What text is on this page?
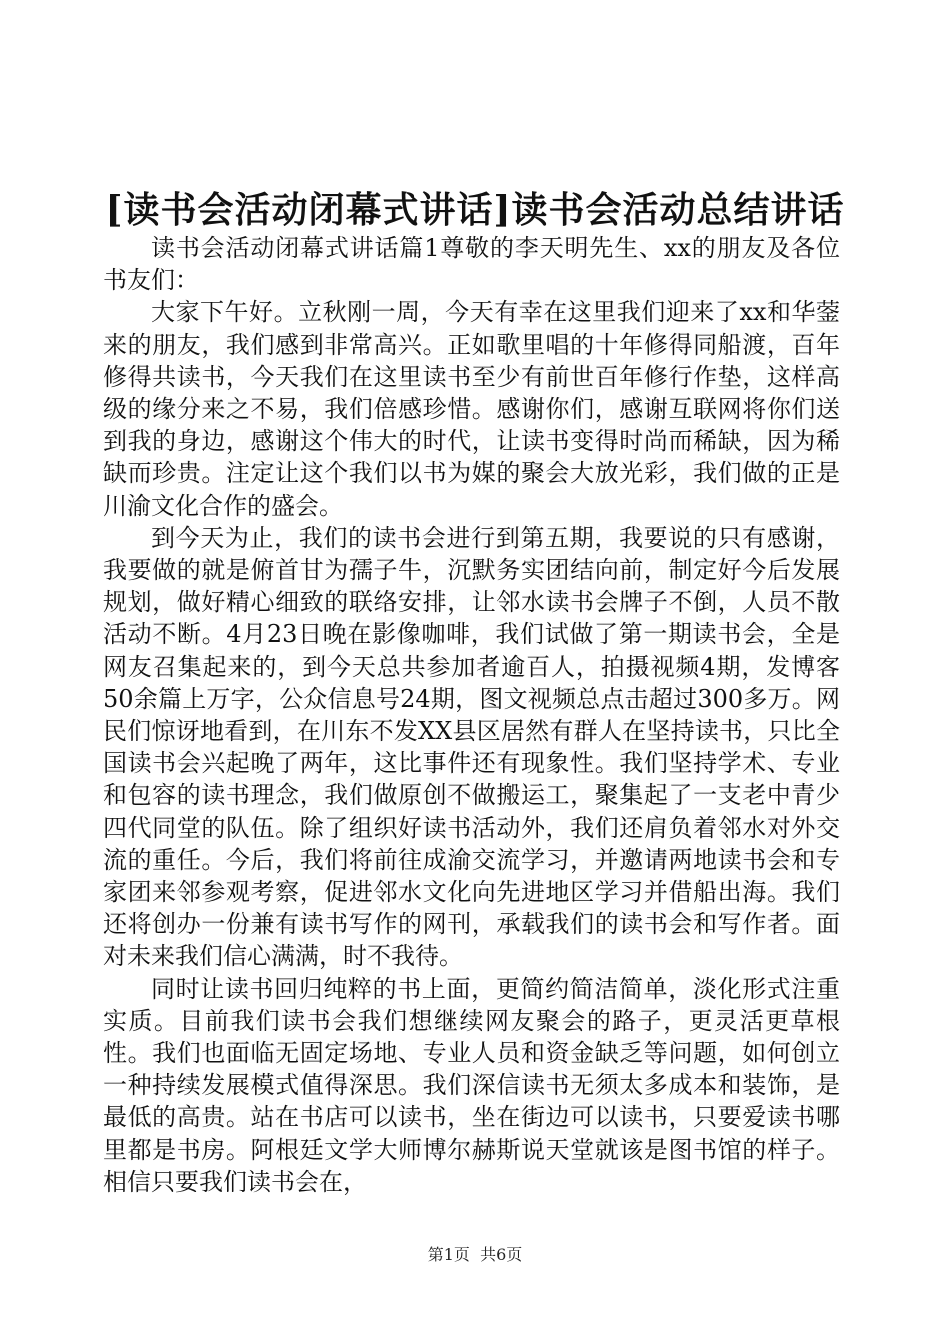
[读书会活动闭幕式讲话]读书会活动总结讲话

读书会活动闭幕式讲话篇1尊敬的李天明先生、xx的朋友及各位书友们：

大家下午好。立秋刚一周，今天有幸在这里我们迎来了xx和华蓥来的朋友，我们感到非常高兴。正如歌里唱的十年修得同船渡，百年修得共读书，今天我们在这里读书至少有前世百年修行作垫，这样高级的缘分来之不易，我们倍感珍惜。感谢你们，感谢互联网将你们送到我的身边，感谢这个伟大的时代，让读书变得时尚而稀缺，因为稀缺而珍贵。注定让这个我们以书为媒的聚会大放光彩，我们做的正是川渝文化合作的盛会。

到今天为止，我们的读书会进行到第五期，我要说的只有感谢，我要做的就是俯首甘为孺子牛，沉默务实团结向前，制定好今后发展规划，做好精心细致的联络安排，让邻水读书会牌子不倒，人员不散活动不断。4月23日晚在影像咖啡，我们试做了第一期读书会，全是网友召集起来的，到今天总共参加者逾百人，拍摄视频4期，发博客50余篇上万字，公众信息号24期，图文视频总点击超过300多万。网民们惊讶地看到，在川东不发XX县区居然有群人在坚持读书，只比全国读书会兴起晚了两年，这比事件还有现象性。我们坚持学术、专业和包容的读书理念，我们做原创不做搬运工，聚集起了一支老中青少四代同堂的队伍。除了组织好读书活动外，我们还肩负着邻水对外交流的重任。今后，我们将前往成渝交流学习，并邀请两地读书会和专家团来邻参观考察，促进邻水文化向先进地区学习并借船出海。我们还将创办一份兼有读书写作的网刊，承载我们的读书会和写作者。面对未来我们信心满满，时不我待。

同时让读书回归纯粹的书上面，更简约简洁简单，淡化形式注重实质。目前我们读书会我们想继续网友聚会的路子，更灵活更草根性。我们也面临无固定场地、专业人员和资金缺乏等问题，如何创立一种持续发展模式值得深思。我们深信读书无须太多成本和装饰，是最低的高贵。站在书店可以读书，坐在街边可以读书，只要爱读书哪里都是书房。阿根廷文学大师博尔赫斯说天堂就该是图书馆的样子。相信只要我们读书会在，

第1页 共6页
